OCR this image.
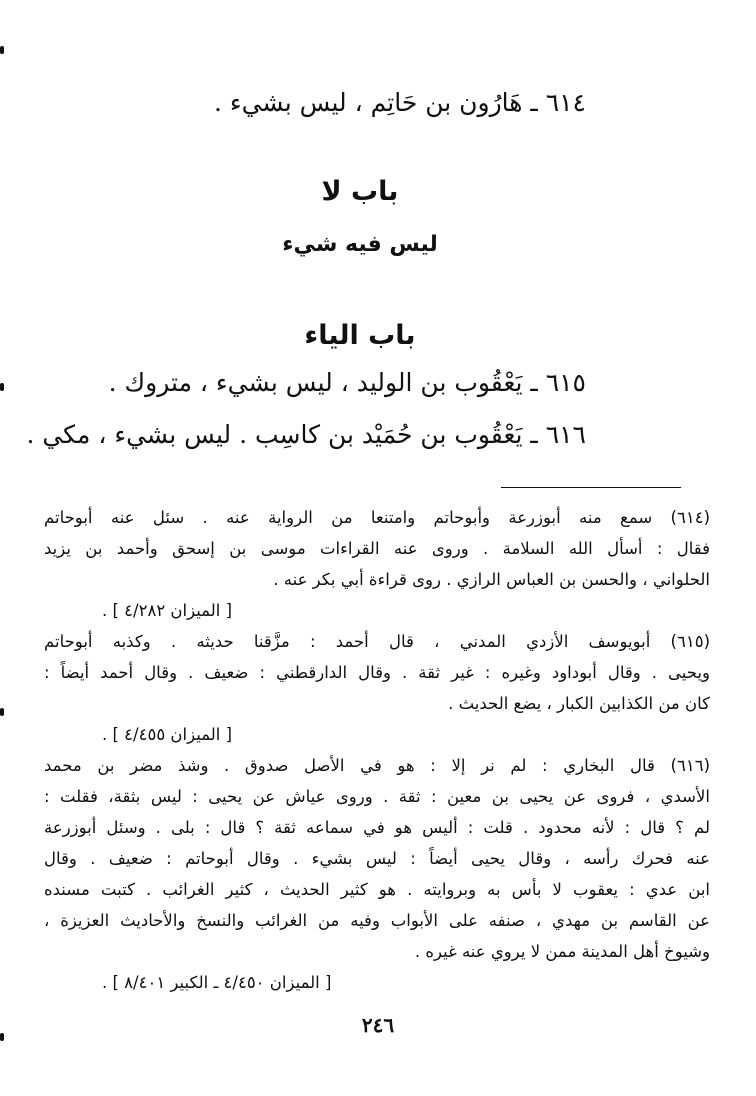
٦١٤ ـ هَارُون بن حَاتِم ، ليس بشيء .
باب لا
ليس فيه شيء
باب الياء
٦١٥ ـ يَعْقُوب بن الوليد ، ليس بشيء ، متروك .
٦١٦ ـ يَعْقُوب بن حُمَيْد بن كاسِب . ليس بشيء ، مكي .
(٦١٤) سمع منه أبوزرعة وأبوحاتم وامتنعا من الرواية عنه . سئل عنه أبوحاتم
فقال : أسأل الله السلامة . وروى عنه القراءات موسى بن إسحق وأحمد بن يزيد
الحلواني ، والحسن بن العباس الرازي . روى قراءة أبي بكر عنه .
[ الميزان ٤/٢٨٢ ] .
(٦١٥) أبويوسف الأزدي المدني ، قال أحمد : مزَّقنا حديثه . وكذبه أبوحاتم
ويحيى . وقال أبوداود وغيره : غير ثقة . وقال الدارقطني : ضعيف . وقال أحمد أيضاً :
كان من الكذابين الكبار ، يضع الحديث .
[ الميزان ٤/٤٥٥ ] .
(٦١٦) قال البخاري : لم نر إلا : هو في الأصل صدوق . وشذ مضر بن محمد
الأسدي ، فروى عن يحيى بن معين : ثقة . وروى عياش عن يحيى : ليس بثقة، فقلت :
لم ؟ قال : لأنه محدود . قلت : أليس هو في سماعه ثقة ؟ قال : بلى . وسئل أبوزرعة
عنه فحرك رأسه ، وقال يحيى أيضاً : ليس بشيء . وقال أبوحاتم : ضعيف . وقال
ابن عدي : يعقوب لا بأس به وبروايته . هو كثير الحديث ، كثير الغرائب . كتبت مسنده
عن القاسم بن مهدي ، صنفه على الأبواب وفيه من الغرائب والنسخ والأحاديث العزيزة ،
وشيوخ أهل المدينة ممن لا يروي عنه غيره .
[ الميزان ٤/٤٥٠ ـ الكبير ٨/٤٠١ ] .
٢٤٦
